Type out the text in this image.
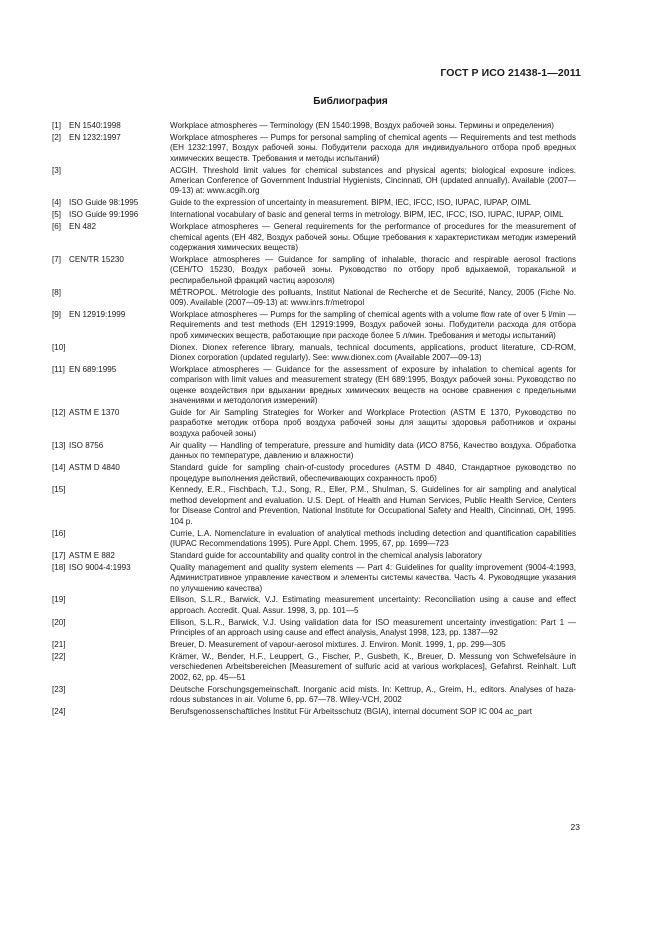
ГОСТ Р ИСО 21438-1—2011
Библиография
[1] EN 1540:1998	Workplace atmospheres — Terminology (EN 1540:1998, Воздух рабочей зоны. Термины и определения)
[2] EN 1232:1997	Workplace atmospheres — Pumps for personal sampling of chemical agents — Requirements and test methods (EH 1232:1997, Воздух рабочей зоны. Побудители расхода для индивидуального отбора проб вредных химических веществ. Требования и методы испытаний)
[3]	ACGIH. Threshold limit values for chemical substances and physical agents; biological exposure indices. American Conference of Government Industrial Hygienists, Cincinnati, OH (updated annually). Available (2007—09-13) at: www.acgih.org
[4] ISO Guide 98:1995	Guide to the expression of uncertainty in measurement. BIPM, IEC, IFCC, ISO, IUPAC, IUPAP, OIML
[5] ISO Guide 99:1996	International vocabulary of basic and general terms in metrology. BIPM, IEC, IFCC, ISO, IUPAC, IUPAP, OIML
[6] EN 482	Workplace atmospheres — General requirements for the performance of procedures for the measurement of chemical agents (EH 482, Воздух рабочей зоны. Общие требования к характеристикам методик измерений содержания химических веществ)
[7] CEN/TR 15230	Workplace atmospheres — Guidance for sampling of inhalable, thoracic and respirable aerosol fractions (CEH/TO 15230, Воздух рабочей зоны. Руководство по отбору проб вдыхаемой, торакальной и респирабельной фракций частиц аэрозоля)
[8]	MÉTROPOL. Métrologie des polluants, Institut National de Recherche et de Securité, Nancy, 2005 (Fiche No. 009). Available (2007—09-13) at: www.inrs.fr/metropol
[9] EN 12919:1999	Workplace atmospheres — Pumps for the sampling of chemical agents with a volume flow rate of over 5 l/min — Requirements and test methods (EH 12919:1999, Воздух рабочей зоны. Побудители расхода для отбора проб химических веществ, работающие при расходе более 5 л/мин. Требования и методы испытаний)
[10]	Dionex. Dionex reference library, manuals, technical documents, applications, product literature, CD-ROM, Dionex corporation (updated regularly). See: www.dionex.com (Available 2007—09-13)
[11] EN 689:1995	Workplace atmospheres — Guidance for the assessment of exposure by inhalation to chemical agents for comparison with limit values and measurement strategy (EH 689:1995, Воздух рабочей зоны. Руководство по оценке воздействия при вдыхании вредных химических веществ на основе сравнения с предельными значениями и методология измерений)
[12] ASTM E 1370	Guide for Air Sampling Strategies for Worker and Workplace Protection (ASTM E 1370, Руководство по разработке методик отбора проб воздуха рабочей зоны для защиты здоровья работников и охраны воздуха рабочей зоны)
[13] ISO 8756	Air quality — Handling of temperature, pressure and humidity data (ИСО 8756, Качество воздуха. Обработка данных по температуре, давлению и влажности)
[14] ASTM D 4840	Standard guide for sampling chain-of-custody procedures (ASTM D 4840, Стандартное руководство по процедуре выполнения действий, обеспечивающих сохранность проб)
[15]	Kennedy, E.R., Fischbach, T.J., Song, R., Eller, P.M., Shulman, S. Guidelines for air sampling and analytical method development and evaluation. U.S. Dept. of Health and Human Services, Public Health Service, Centers for Disease Control and Prevention, National Institute for Occupational Safety and Health, Cincinnati, OH, 1995. 104 p.
[16]	Currie, L.A. Nomenclature in evaluation of analytical methods including detection and quantification capabilities (IUPAC Recommendations 1995). Pure Appl. Chem. 1995, 67, pp. 1699—723
[17] ASTM E 882	Standard guide for accountability and quality control in the chemical analysis laboratory
[18] ISO 9004-4:1993	Quality management and quality system elements — Part 4: Guidelines for quality improvement (9004-4:1993, Административное управление качеством и элементы системы качества. Часть 4. Руководящие указания по улучшению качества)
[19]	Ellison, S.L.R., Barwick, V.J. Estimating measurement uncertainty: Reconciliation using a cause and effect approach. Accredit. Qual. Assur. 1998, 3, pp. 101—5
[20]	Ellison, S.L.R., Barwick, V.J. Using validation data for ISO measurement uncertainty investigation: Part 1 — Principles of an approach using cause and effect analysis, Analyst 1998, 123, pp. 1387—92
[21]	Breuer, D. Measurement of vapour-aerosol mixtures. J. Environ. Monit. 1999, 1, pp. 299—305
[22]	Krämer, W., Bender, H.F., Leuppert, G., Fischer, P., Gusbeth, K., Breuer, D. Messung von Schwefelsäure in verschiedenen Arbeitsbereichen [Measurement of sulfuric acid at various workplaces], Gefahrst. Reinhalt. Luft 2002, 62, pp. 45—51
[23]	Deutsche Forschungsgemeinschaft. Inorganic acid mists. In: Kettrup, A., Greim, H., editors. Analyses of haza-rdous substances in air. Volume 6, pp. 67—78. Wiley-VCH, 2002
[24]	Berufsgenossenschaftliches Institut Für Arbeitsschutz (BGIA), internal document SOP IC 004 ac_part
23
